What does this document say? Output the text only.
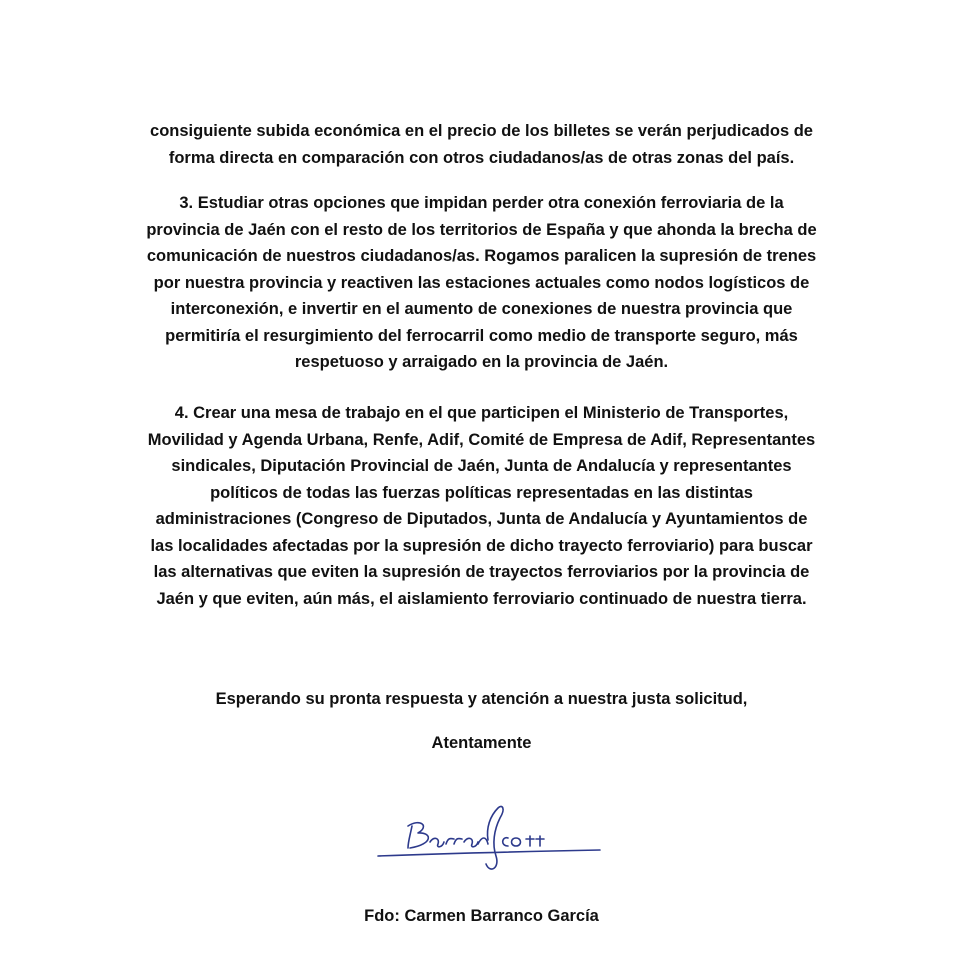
consiguiente subida económica en el precio de los billetes se verán perjudicados de
forma directa en comparación con otros ciudadanos/as de otras zonas del país.
3. Estudiar otras opciones que impidan perder otra conexión ferroviaria de la
provincia de Jaén con el resto de los territorios de España y que ahonda la brecha de
comunicación de nuestros ciudadanos/as. Rogamos paralicen la supresión de trenes
por nuestra provincia y reactiven las estaciones actuales como nodos logísticos de
interconexión, e invertir en el aumento de conexiones de nuestra provincia que
permitiría el resurgimiento del ferrocarril como medio de transporte seguro, más
respetuoso y arraigado en la provincia de Jaén.
4. Crear una mesa de trabajo en el que participen el Ministerio de Transportes,
Movilidad y Agenda Urbana, Renfe, Adif, Comité de Empresa de Adif, Representantes
sindicales, Diputación Provincial de Jaén, Junta de Andalucía y representantes
políticos de todas las fuerzas políticas representadas en las distintas
administraciones (Congreso de Diputados, Junta de Andalucía y Ayuntamientos de
las localidades afectadas por la supresión de dicho trayecto ferroviario) para buscar
las alternativas que eviten la supresión de trayectos ferroviarios por la provincia de
Jaén y que eviten, aún más, el aislamiento ferroviario continuado de nuestra tierra.
Esperando su pronta respuesta y atención a nuestra justa solicitud,
Atentamente
Fdo: Carmen Barranco García
